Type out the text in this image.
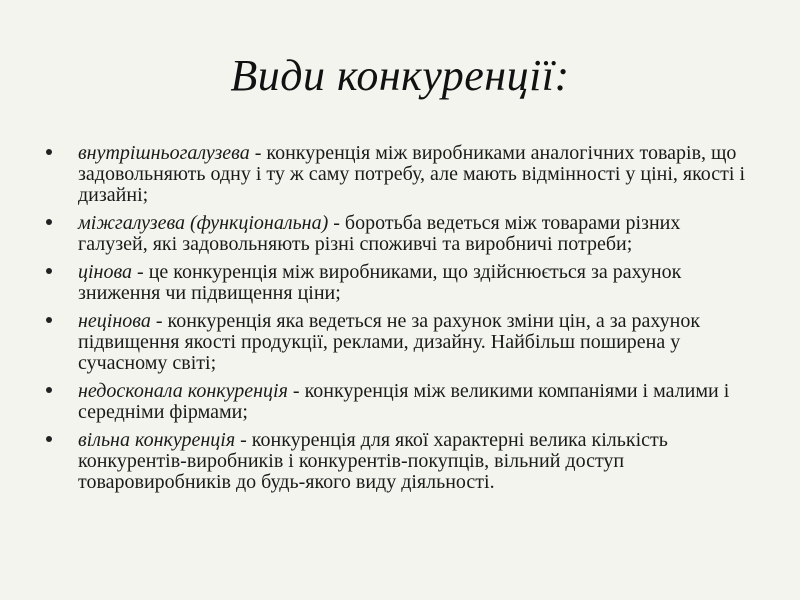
Види конкуренції:
внутрішньогалузева - конкуренція між виробниками аналогічних товарів, що задовольняють одну і ту ж саму потребу, але мають відмінності у ціні, якості і дизайні;
міжгалузева (функціональна) - боротьба ведеться між товарами різних галузей, які задовольняють різні споживчі та виробничі потреби;
цінова - це конкуренція між виробниками, що здійснюється за рахунок зниження чи підвищення ціни;
нецінова - конкуренція яка ведеться не за рахунок зміни цін, а за рахунок підвищення якості продукції, реклами, дизайну. Найбільш поширена у сучасному світі;
недосконала конкуренція - конкуренція між великими компаніями і малими і середніми фірмами;
вільна конкуренція - конкуренція для якої характерні велика кількість конкурентів-виробників і конкурентів-покупців, вільний доступ товаровиробників до будь-якого виду діяльності.
